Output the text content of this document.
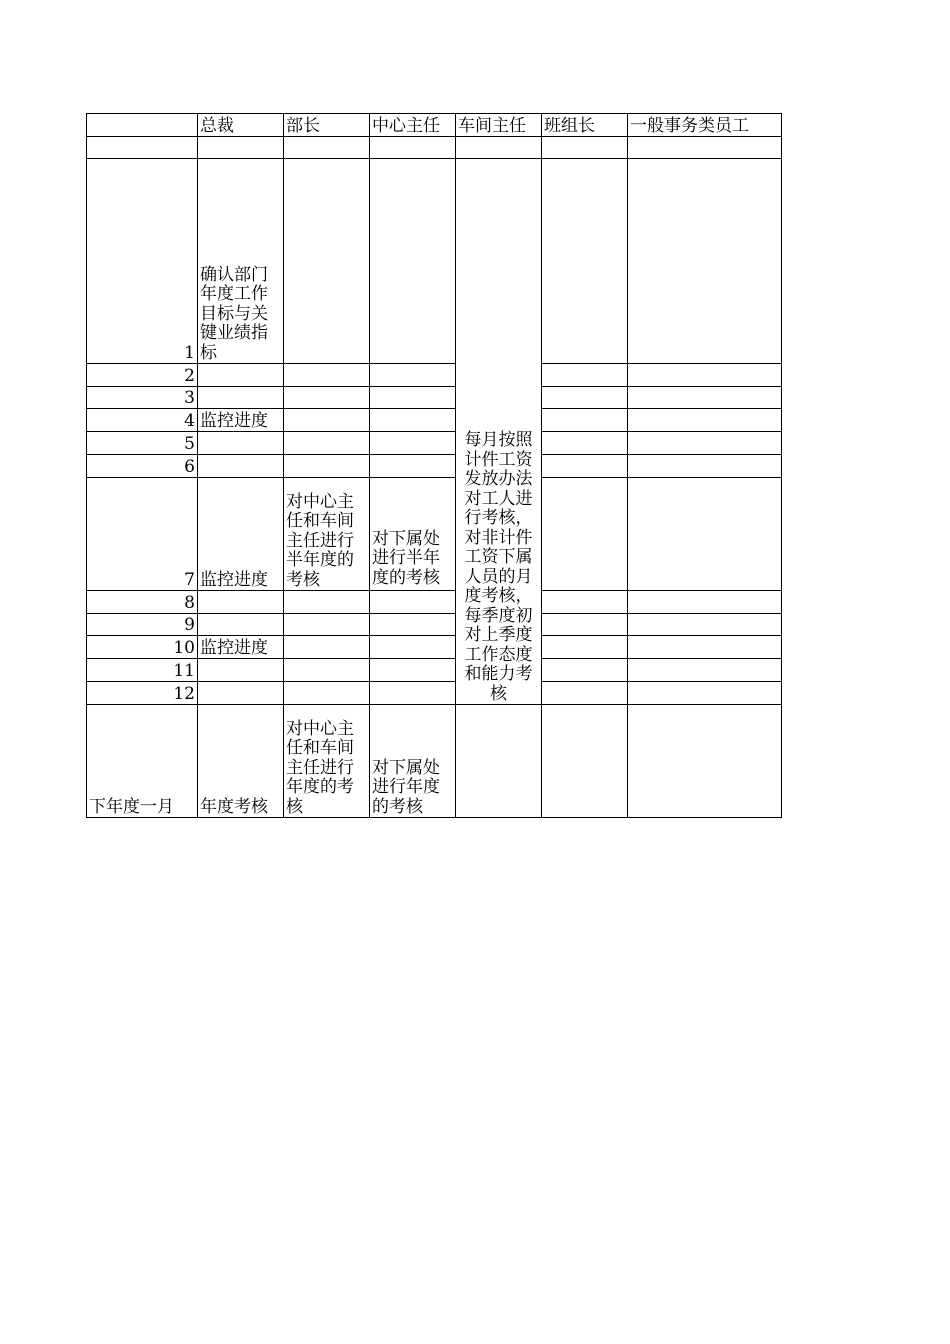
	总裁	部长	中心主任	车间主任	班组长	一般事务类员工

1	确认部门年度工作目标与关键业绩指标			每月按照计件工资发放办法对工人进行考核，对非计件工资下属人员的月度考核，每季度初对上季度工作态度和能力考核		
2						
3						
4	监控进度					
5						
6						
7	监控进度	对中心主任和车间主任进行半年度的考核	对下属处进行半年度的考核			
8						
9						
10	监控进度					
11						
12						
下年度一月	年度考核	对中心主任和车间主任进行年度的考核	对下属处进行年度的考核			
